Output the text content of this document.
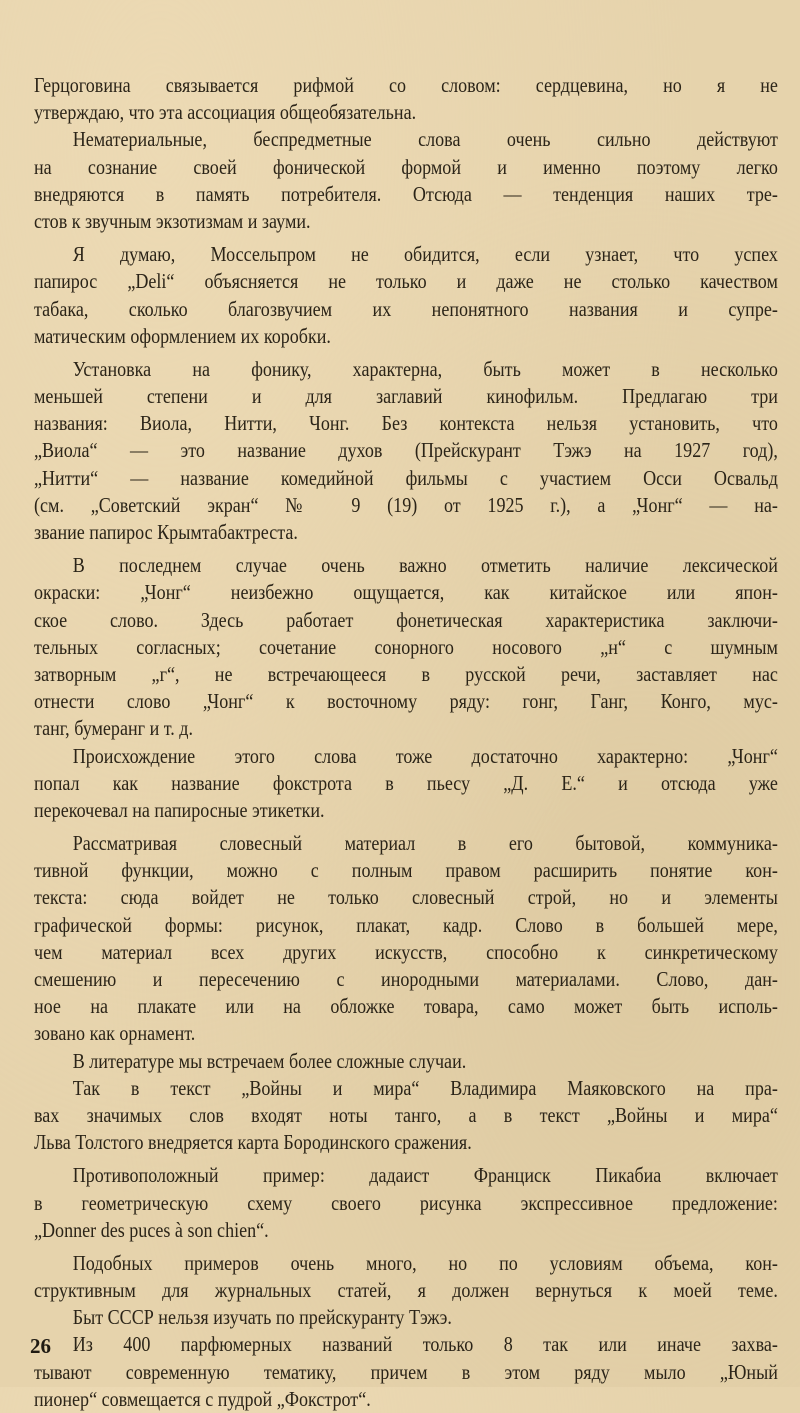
Герцоговина связывается рифмой со словом: сердцевина, но я не
утверждаю, что эта ассоциация общеобязательна.
Нематериальные, беспредметные слова очень сильно действуют
на сознание своей фонической формой и именно поэтому легко
внедряются в память потребителя. Отсюда — тенденция наших тре-
стов к звучным экзотизмам и зауми.
Я думаю, Моссельпром не обидится, если узнает, что успех
папирос „Deli“ объясняется не только и даже не столько качеством
табака, сколько благозвучием их непонятного названия и супре-
матическим оформлением их коробки.
Установка на фонику, характерна, быть может в несколько
меньшей степени и для заглавий кинофильм. Предлагаю три
названия: Виола, Нитти, Чонг. Без контекста нельзя установить, что
„Виола“ — это название духов (Прейскурант Тэжэ на 1927 год),
„Нитти“ — название комедийной фильмы с участием Осси Освальд
(см. „Советский экран“ № 9 (19) от 1925 г.), а „Чонг“ — на-
звание папирос Крымтабактреста.
В последнем случае очень важно отметить наличие лексической
окраски: „Чонг“ неизбежно ощущается, как китайское или япон-
ское слово. Здесь работает фонетическая характеристика заключи-
тельных согласных; сочетание сонорного носового „н“ с шумным
затворным „г“, не встречающееся в русской речи, заставляет нас
отнести слово „Чонг“ к восточному ряду: гонг, Ганг, Конго, мус-
танг, бумеранг и т. д.
Происхождение этого слова тоже достаточно характерно: „Чонг“
попал как название фокстрота в пьесу „Д. Е.“ и отсюда уже
перекочевал на папиросные этикетки.
Рассматривая словесный материал в его бытовой, коммуника-
тивной функции, можно с полным правом расширить понятие кон-
текста: сюда войдет не только словесный строй, но и элементы
графической формы: рисунок, плакат, кадр. Слово в большей мере,
чем материал всех других искусств, способно к синкретическому
смешению и пересечению с инородными материалами. Слово, дан-
ное на плакате или на обложке товара, само может быть исполь-
зовано как орнамент.
В литературе мы встречаем более сложные случаи.
Так в текст „Войны и мира“ Владимира Маяковского на пра-
вах значимых слов входят ноты танго, а в текст „Войны и мира“
Льва Толстого внедряется карта Бородинского сражения.
Противоположный пример: дадаист Франциск Пикабиа включает
в геометрическую схему своего рисунка экспрессивное предложение:
„Donner des puces à son chien“.
Подобных примеров очень много, но по условиям объема, кон-
структивным для журнальных статей, я должен вернуться к моей теме.
Быт СССР нельзя изучать по прейскуранту Тэжэ.
Из 400 парфюмерных названий только 8 так или иначе захва-
тывают современную тематику, причем в этом ряду мыло „Юный
пионер“ совмещается с пудрой „Фокстрот“.
26
